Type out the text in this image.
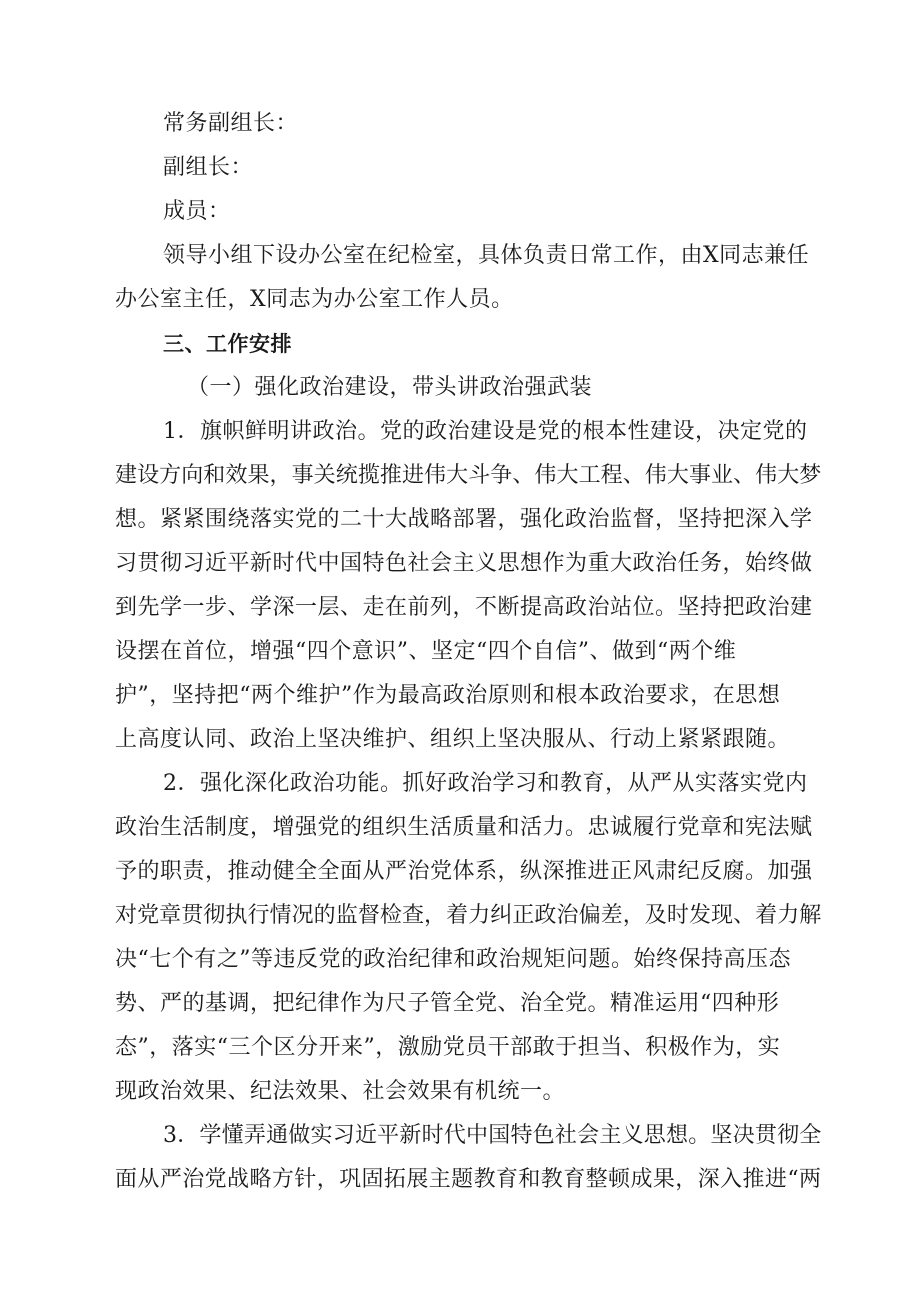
常务副组长：
副组长：
成员：
领导小组下设办公室在纪检室，具体负责日常工作，由X同志兼任
办公室主任，X同志为办公室工作人员。
三、工作安排
（一）强化政治建设，带头讲政治强武装
1．旗帜鲜明讲政治。党的政治建设是党的根本性建设，决定党的
建设方向和效果，事关统揽推进伟大斗争、伟大工程、伟大事业、伟大梦
想。紧紧围绕落实党的二十大战略部署，强化政治监督，坚持把深入学
习贯彻习近平新时代中国特色社会主义思想作为重大政治任务，始终做
到先学一步、学深一层、走在前列，不断提高政治站位。坚持把政治建
设摆在首位，增强“四个意识”、坚定“四个自信”、做到“两个维
护”，坚持把“两个维护”作为最高政治原则和根本政治要求，在思想
上高度认同、政治上坚决维护、组织上坚决服从、行动上紧紧跟随。
2．强化深化政治功能。抓好政治学习和教育，从严从实落实党内
政治生活制度，增强党的组织生活质量和活力。忠诚履行党章和宪法赋
予的职责，推动健全全面从严治党体系，纵深推进正风肃纪反腐。加强
对党章贯彻执行情况的监督检查，着力纠正政治偏差，及时发现、着力解
决“七个有之”等违反党的政治纪律和政治规矩问题。始终保持高压态
势、严的基调，把纪律作为尺子管全党、治全党。精准运用“四种形
态”，落实“三个区分开来”，激励党员干部敢于担当、积极作为，实
现政治效果、纪法效果、社会效果有机统一。
3．学懂弄通做实习近平新时代中国特色社会主义思想。坚决贯彻全
面从严治党战略方针，巩固拓展主题教育和教育整顿成果，深入推进“两
